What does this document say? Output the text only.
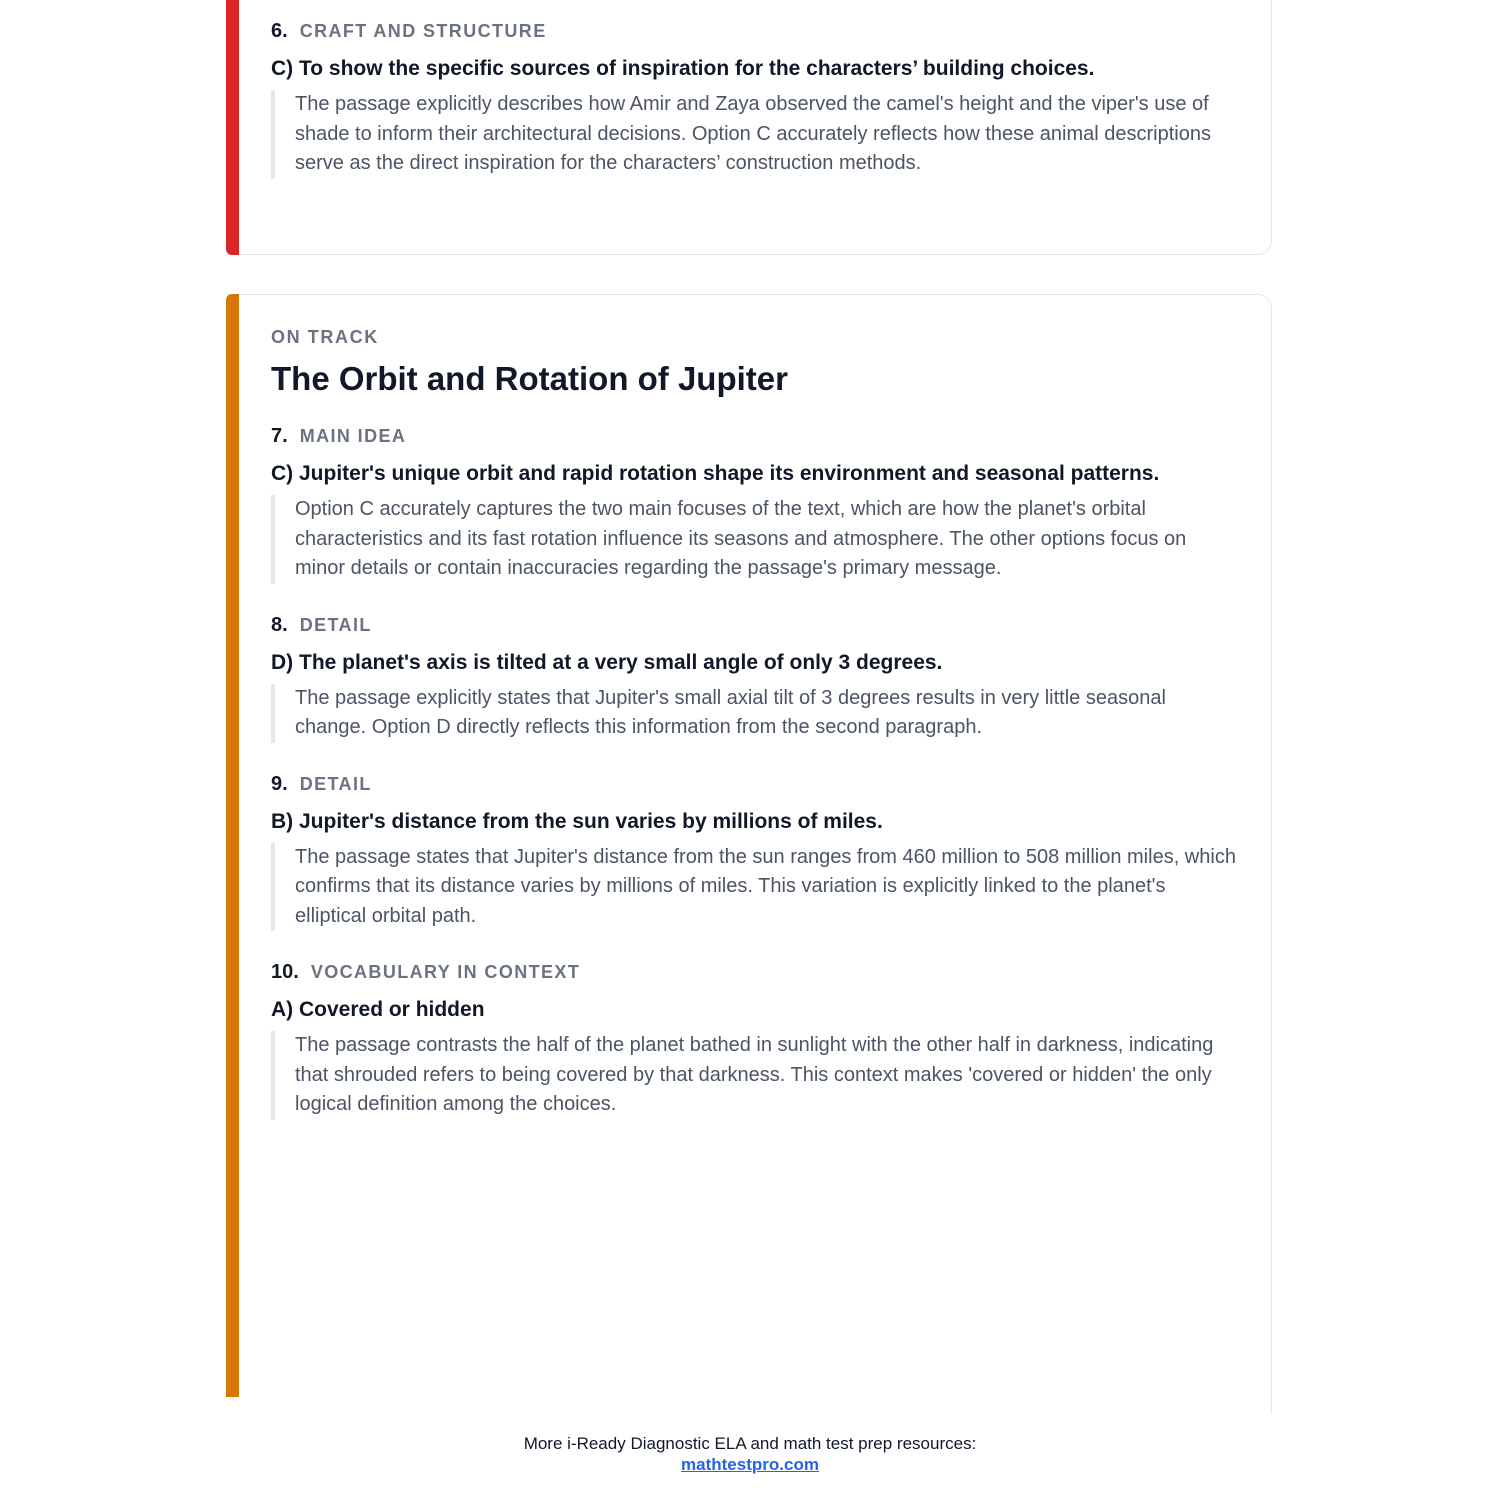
6. CRAFT AND STRUCTURE
C) To show the specific sources of inspiration for the characters’ building choices.
The passage explicitly describes how Amir and Zaya observed the camel's height and the viper's use of shade to inform their architectural decisions. Option C accurately reflects how these animal descriptions serve as the direct inspiration for the characters’ construction methods.
ON TRACK
The Orbit and Rotation of Jupiter
7. MAIN IDEA
C) Jupiter's unique orbit and rapid rotation shape its environment and seasonal patterns.
Option C accurately captures the two main focuses of the text, which are how the planet's orbital characteristics and its fast rotation influence its seasons and atmosphere. The other options focus on minor details or contain inaccuracies regarding the passage's primary message.
8. DETAIL
D) The planet's axis is tilted at a very small angle of only 3 degrees.
The passage explicitly states that Jupiter's small axial tilt of 3 degrees results in very little seasonal change. Option D directly reflects this information from the second paragraph.
9. DETAIL
B) Jupiter's distance from the sun varies by millions of miles.
The passage states that Jupiter's distance from the sun ranges from 460 million to 508 million miles, which confirms that its distance varies by millions of miles. This variation is explicitly linked to the planet's elliptical orbital path.
10. VOCABULARY IN CONTEXT
A) Covered or hidden
The passage contrasts the half of the planet bathed in sunlight with the other half in darkness, indicating that shrouded refers to being covered by that darkness. This context makes 'covered or hidden' the only logical definition among the choices.
More i-Ready Diagnostic ELA and math test prep resources:
mathtestpro.com
